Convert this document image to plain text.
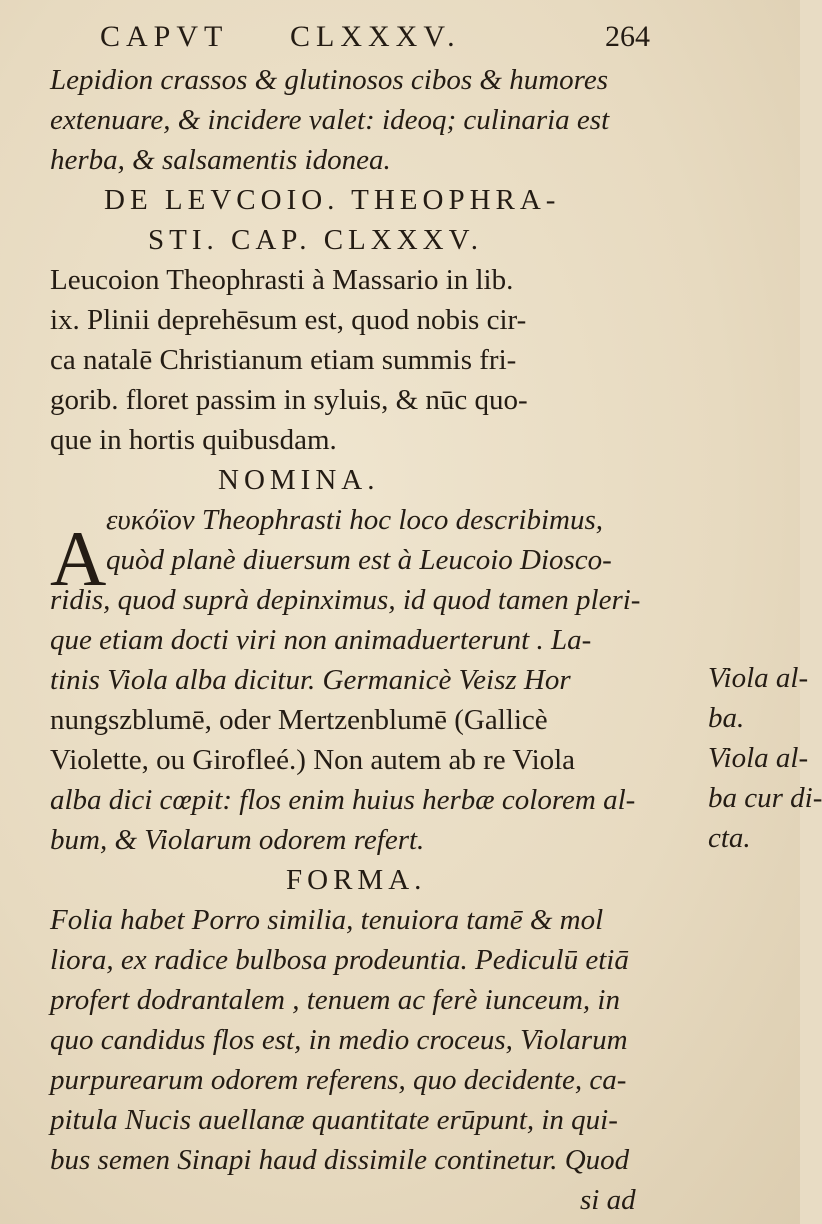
CAPVT CLXXXV.	264
A
Lepidion crassos & glutinosos cibos & humores
extenuare, & incidere valet: ideoq; culinaria est
herba, & salsamentis idonea.
DE LEVCOIO. THEOPHRA-
STI. CAP. CLXXXV.
Leucoion Theophrasti à Massario in lib.
ix. Plinii deprehēsum est, quod nobis cir-
ca natalē Christianum etiam summis fri-
gorib. floret passim in syluis, & nūc quo-
que in hortis quibusdam.
NOMINA.
ευκόϊον Theophrasti hoc loco describimus,
quòd planè diuersum est à Leucoio Dioscο-
ridis, quod suprà depinximus, id quod tamen pleri-
que etiam docti viri non animaduerterunt . La-
tinis Viola alba dicitur. Germanicè Veisz Hor
nungszblumē, oder Mertzenblumē (Gallicè
Violette, ou Girofleé.) Non autem ab re Viola
alba dici cœpit: flos enim huius herbæ colorem al-
bum, & Violarum odorem refert.
FORMA.
Folia habet Porro similia, tenuiora tamē & mol
liora, ex radice bulbosa prodeuntia. Pediculū etiā
profert dodrantalem , tenuem ac ferè iunceum, in
quo candidus flos est, in medio croceus, Violarum
purpurearum odorem referens, quo decidente, ca-
pitula Nucis auellanæ quantitate erūpunt, in qui-
bus semen Sinapi haud dissimile continetur. Quod
si ad
Viola al-
ba.
Viola al-
ba cur di-
cta.
